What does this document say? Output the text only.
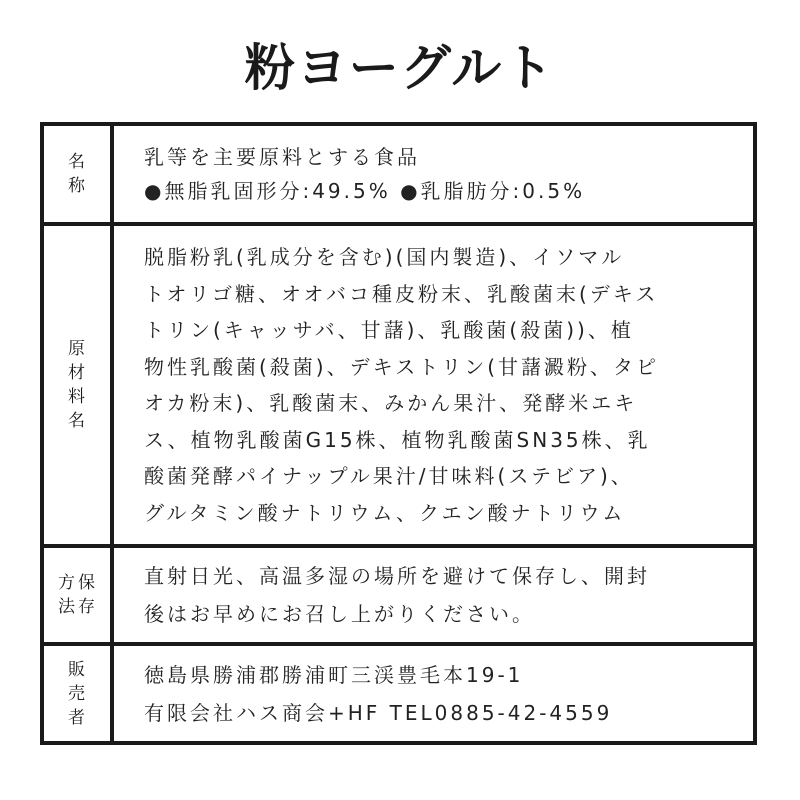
粉ヨーグルト
名
称

乳等を主要原料とする食品

●無脂乳固形分:49.5% ●乳脂肪分:0.5%

原
材
料
名

脱脂粉乳(乳成分を含む)(国内製造)、イソマル

トオリゴ糖、オオバコ種皮粉末、乳酸菌末(デキス

トリン(キャッサバ、甘藷)、乳酸菌(殺菌))、植

物性乳酸菌(殺菌)、デキストリン(甘藷澱粉、タピ

オカ粉末)、乳酸菌末、みかん果汁、発酵米エキ

ス、植物乳酸菌G15株、植物乳酸菌SN35株、乳

酸菌発酵パイナップル果汁/甘味料(ステビア)、

グルタミン酸ナトリウム、クエン酸ナトリウム

方 保
法 存

直射日光、高温多湿の場所を避けて保存し、開封

後はお早めにお召し上がりください。

販
売
者

徳島県勝浦郡勝浦町三渓豊毛本19-1

有限会社ハス商会+HF TEL0885-42-4559
